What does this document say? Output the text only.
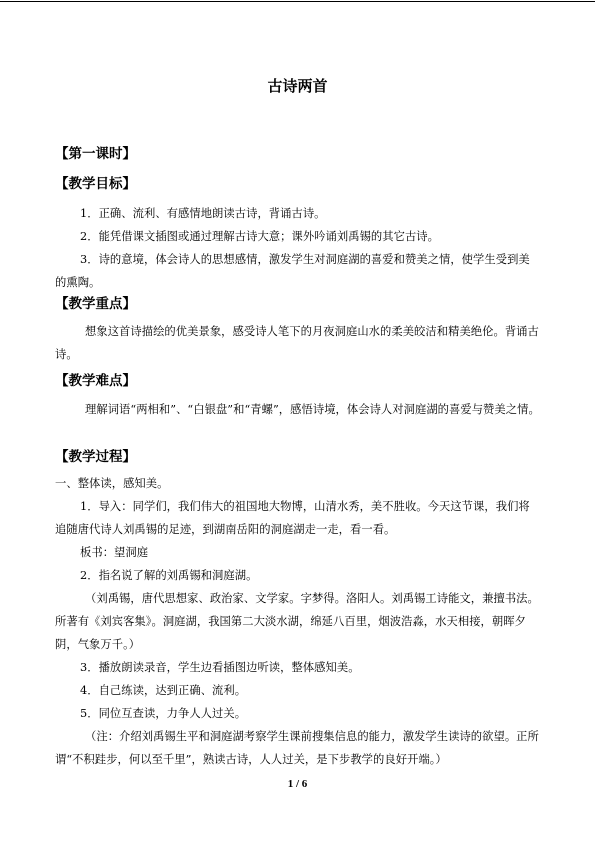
古诗两首
【第一课时】
【教学目标】
1．正确、流利、有感情地朗读古诗，背诵古诗。
2．能凭借课文插图或通过理解古诗大意；课外吟诵刘禹锡的其它古诗。
3．诗的意境，体会诗人的思想感情，激发学生对洞庭湖的喜爱和赞美之情，使学生受到美的熏陶。
【教学重点】
想象这首诗描绘的优美景象，感受诗人笔下的月夜洞庭山水的柔美皎洁和精美绝伦。背诵古诗。
【教学难点】
理解词语“两相和”、“白银盘”和“青螺”，感悟诗境，体会诗人对洞庭湖的喜爱与赞美之情。
【教学过程】
一、整体读，感知美。
1．导入：同学们，我们伟大的祖国地大物博，山清水秀，美不胜收。今天这节课，我们将追随唐代诗人刘禹锡的足迹，到湖南岳阳的洞庭湖走一走，看一看。
板书：望洞庭
2．指名说了解的刘禹锡和洞庭湖。
（刘禹锡，唐代思想家、政治家、文学家。字梦得。洛阳人。刘禹锡工诗能文，兼擅书法。所著有《刘宾客集》。洞庭湖，我国第二大淡水湖，绵延八百里，烟波浩淼，水天相接，朝晖夕阴，气象万千。）
3．播放朗读录音，学生边看插图边听读，整体感知美。
4．自己练读，达到正确、流利。
5．同位互查读，力争人人过关。
（注：介绍刘禹锡生平和洞庭湖考察学生课前搜集信息的能力，激发学生读诗的欲望。正所谓“不积跬步，何以至千里”，熟读古诗，人人过关，是下步教学的良好开端。）
1 / 6
